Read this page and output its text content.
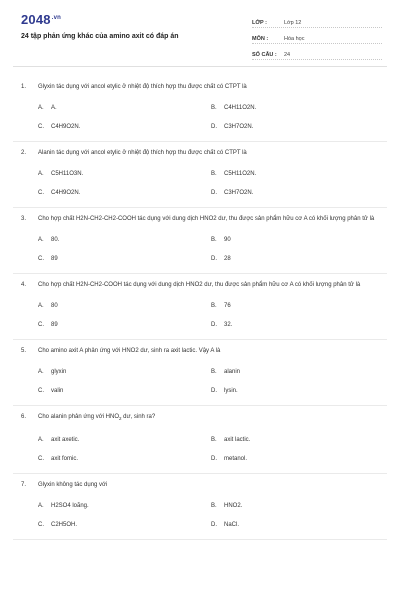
$2048^{.vn}$
24 tập phản ứng khác của amino axit có đáp án
LỚP :	Lớp 12
MÔN :	Hóa học
SỐ CÂU :	24
1.	Glyxin tác dụng với ancol etylic ở nhiệt độ thích hợp thu được chất có CTPT là
A.	A.	B.	C4H11O2N.
C.	C4H9O2N.	D.	C3H7O2N.
2.	Alanin tác dụng với ancol etylic ở nhiệt độ thích hợp thu được chất có CTPT là
A.	C5H11O3N.	B.	C5H11O2N.
C.	C4H9O2N.	D.	C3H7O2N.
3.	Cho hợp chất H2N-CH2-CH2-COOH tác dụng với dung dịch HNO2 dư, thu được sản phẩm hữu cơ A có khối lượng phân tử là
A.	80.	B.	90
C.	89	D.	28
4.	Cho hợp chất H2N-CH2-COOH tác dụng với dung dịch HNO2 dư, thu được sản phẩm hữu cơ A có khối lượng phân tử là
A.	80	B.	76
C.	89	D.	32.
5.	Cho amino axit A phản ứng với HNO2 dư, sinh ra axit lactic. Vậy A là
A.	glyxin	B.	alanin
C.	valin	D.	lysin.
6.	Cho alanin phản ứng với $HNO_2$ dư, sinh ra?
A.	axit axetic.	B.	axit lactic.
C.	axit fomic.	D.	metanol.
7.	Glyxin không tác dụng với
A.	H2SO4 loãng.	B.	HNO2.
C.	C2H5OH.	D.	NaCl.
